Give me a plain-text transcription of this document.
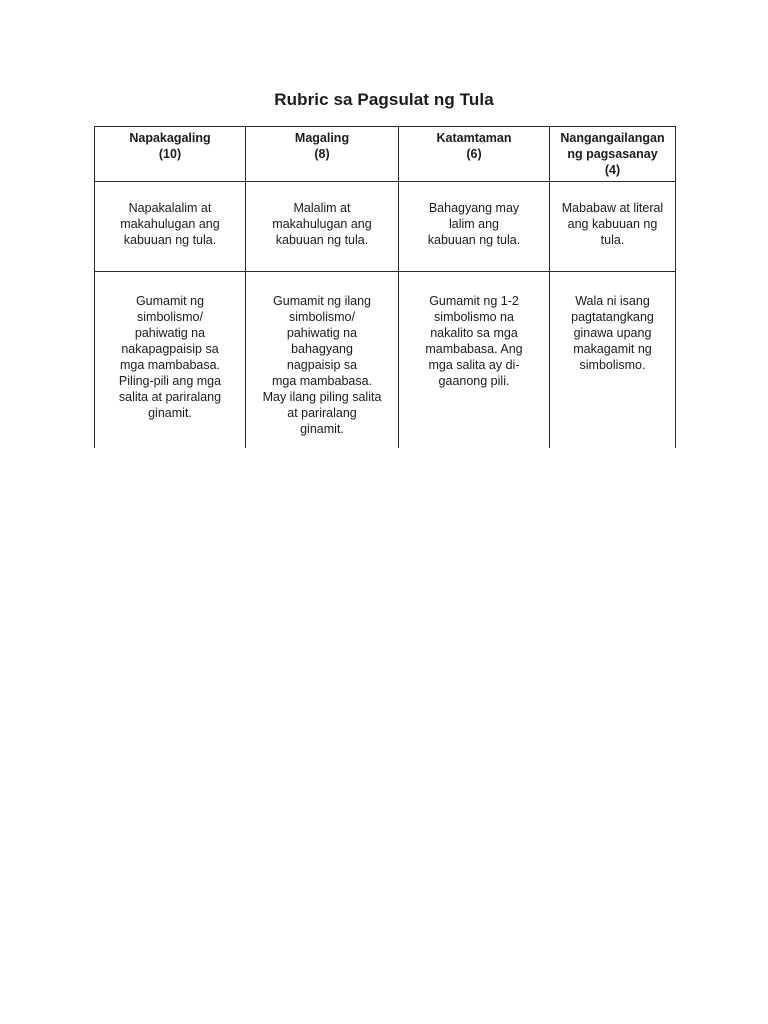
Rubric sa Pagsulat ng Tula
Napakagaling
(10)
Magaling
(8)
Katamtaman
(6)
Nangangailangan
ng pagsasanay
(4)
Napakalalim at
makahulugan ang
kabuuan ng tula.
Malalim at
makahulugan ang
kabuuan ng tula.
Bahagyang may
lalim ang
kabuuan ng tula.
Mababaw at literal
ang kabuuan ng
tula.
Gumamit ng
simbolismo/
pahiwatig na
nakapagpaisip sa
mga mambabasa.
Piling-pili ang mga
salita at pariralang
ginamit.
Gumamit ng ilang
simbolismo/
pahiwatig na
bahagyang
nagpaisip sa
mga mambabasa.
May ilang piling salita
at pariralang
ginamit.
Gumamit ng 1-2
simbolismo na
nakalito sa mga
mambabasa. Ang
mga salita ay di-
gaanong pili.
Wala ni isang
pagtatangkang
ginawa upang
makagamit ng
simbolismo.
